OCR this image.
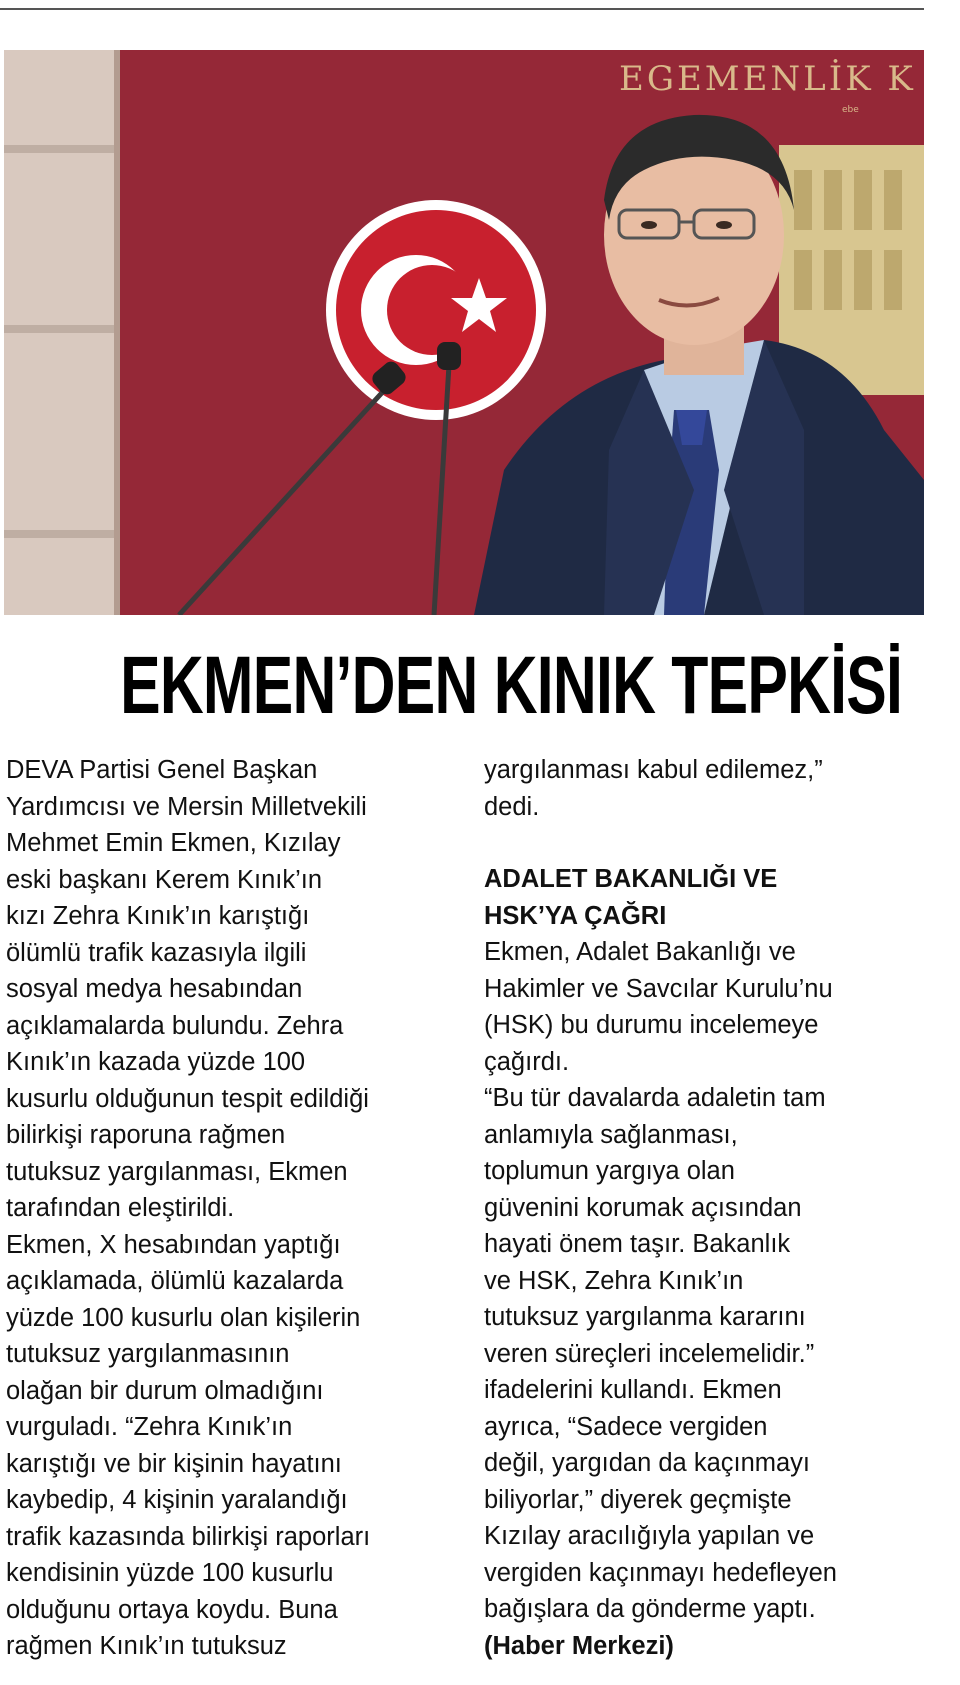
EGEMENLİK K
ebe
EKMEN’DEN KINIK TEPKİSİ

DEVA Partisi Genel Başkan

Yardımcısı ve Mersin Milletvekili

Mehmet Emin Ekmen, Kızılay

eski başkanı Kerem Kınık’ın

kızı Zehra Kınık’ın karıştığı

ölümlü trafik kazasıyla ilgili

sosyal medya hesabından

açıklamalarda bulundu. Zehra

Kınık’ın kazada yüzde 100

kusurlu olduğunun tespit edildiği

bilirkişi raporuna rağmen

tutuksuz yargılanması, Ekmen

tarafından eleştirildi.

Ekmen, X hesabından yaptığı

açıklamada, ölümlü kazalarda

yüzde 100 kusurlu olan kişilerin

tutuksuz yargılanmasının

olağan bir durum olmadığını

vurguladı. “Zehra Kınık’ın

karıştığı ve bir kişinin hayatını

kaybedip, 4 kişinin yaralandığı

trafik kazasında bilirkişi raporları

kendisinin yüzde 100 kusurlu

olduğunu ortaya koydu. Buna

rağmen Kınık’ın tutuksuz

yargılanması kabul edilemez,”

dedi.

ADALET BAKANLIĞI VE

HSK’YA ÇAĞRI

Ekmen, Adalet Bakanlığı ve

Hakimler ve Savcılar Kurulu’nu

(HSK) bu durumu incelemeye

çağırdı.

“Bu tür davalarda adaletin tam

anlamıyla sağlanması,

toplumun yargıya olan

güvenini korumak açısından

hayati önem taşır. Bakanlık

ve HSK, Zehra Kınık’ın

tutuksuz yargılanma kararını

veren süreçleri incelemelidir.”

ifadelerini kullandı. Ekmen

ayrıca, “Sadece vergiden

değil, yargıdan da kaçınmayı

biliyorlar,” diyerek geçmişte

Kızılay aracılığıyla yapılan ve

vergiden kaçınmayı hedefleyen

bağışlara da gönderme yaptı.

(Haber Merkezi)
